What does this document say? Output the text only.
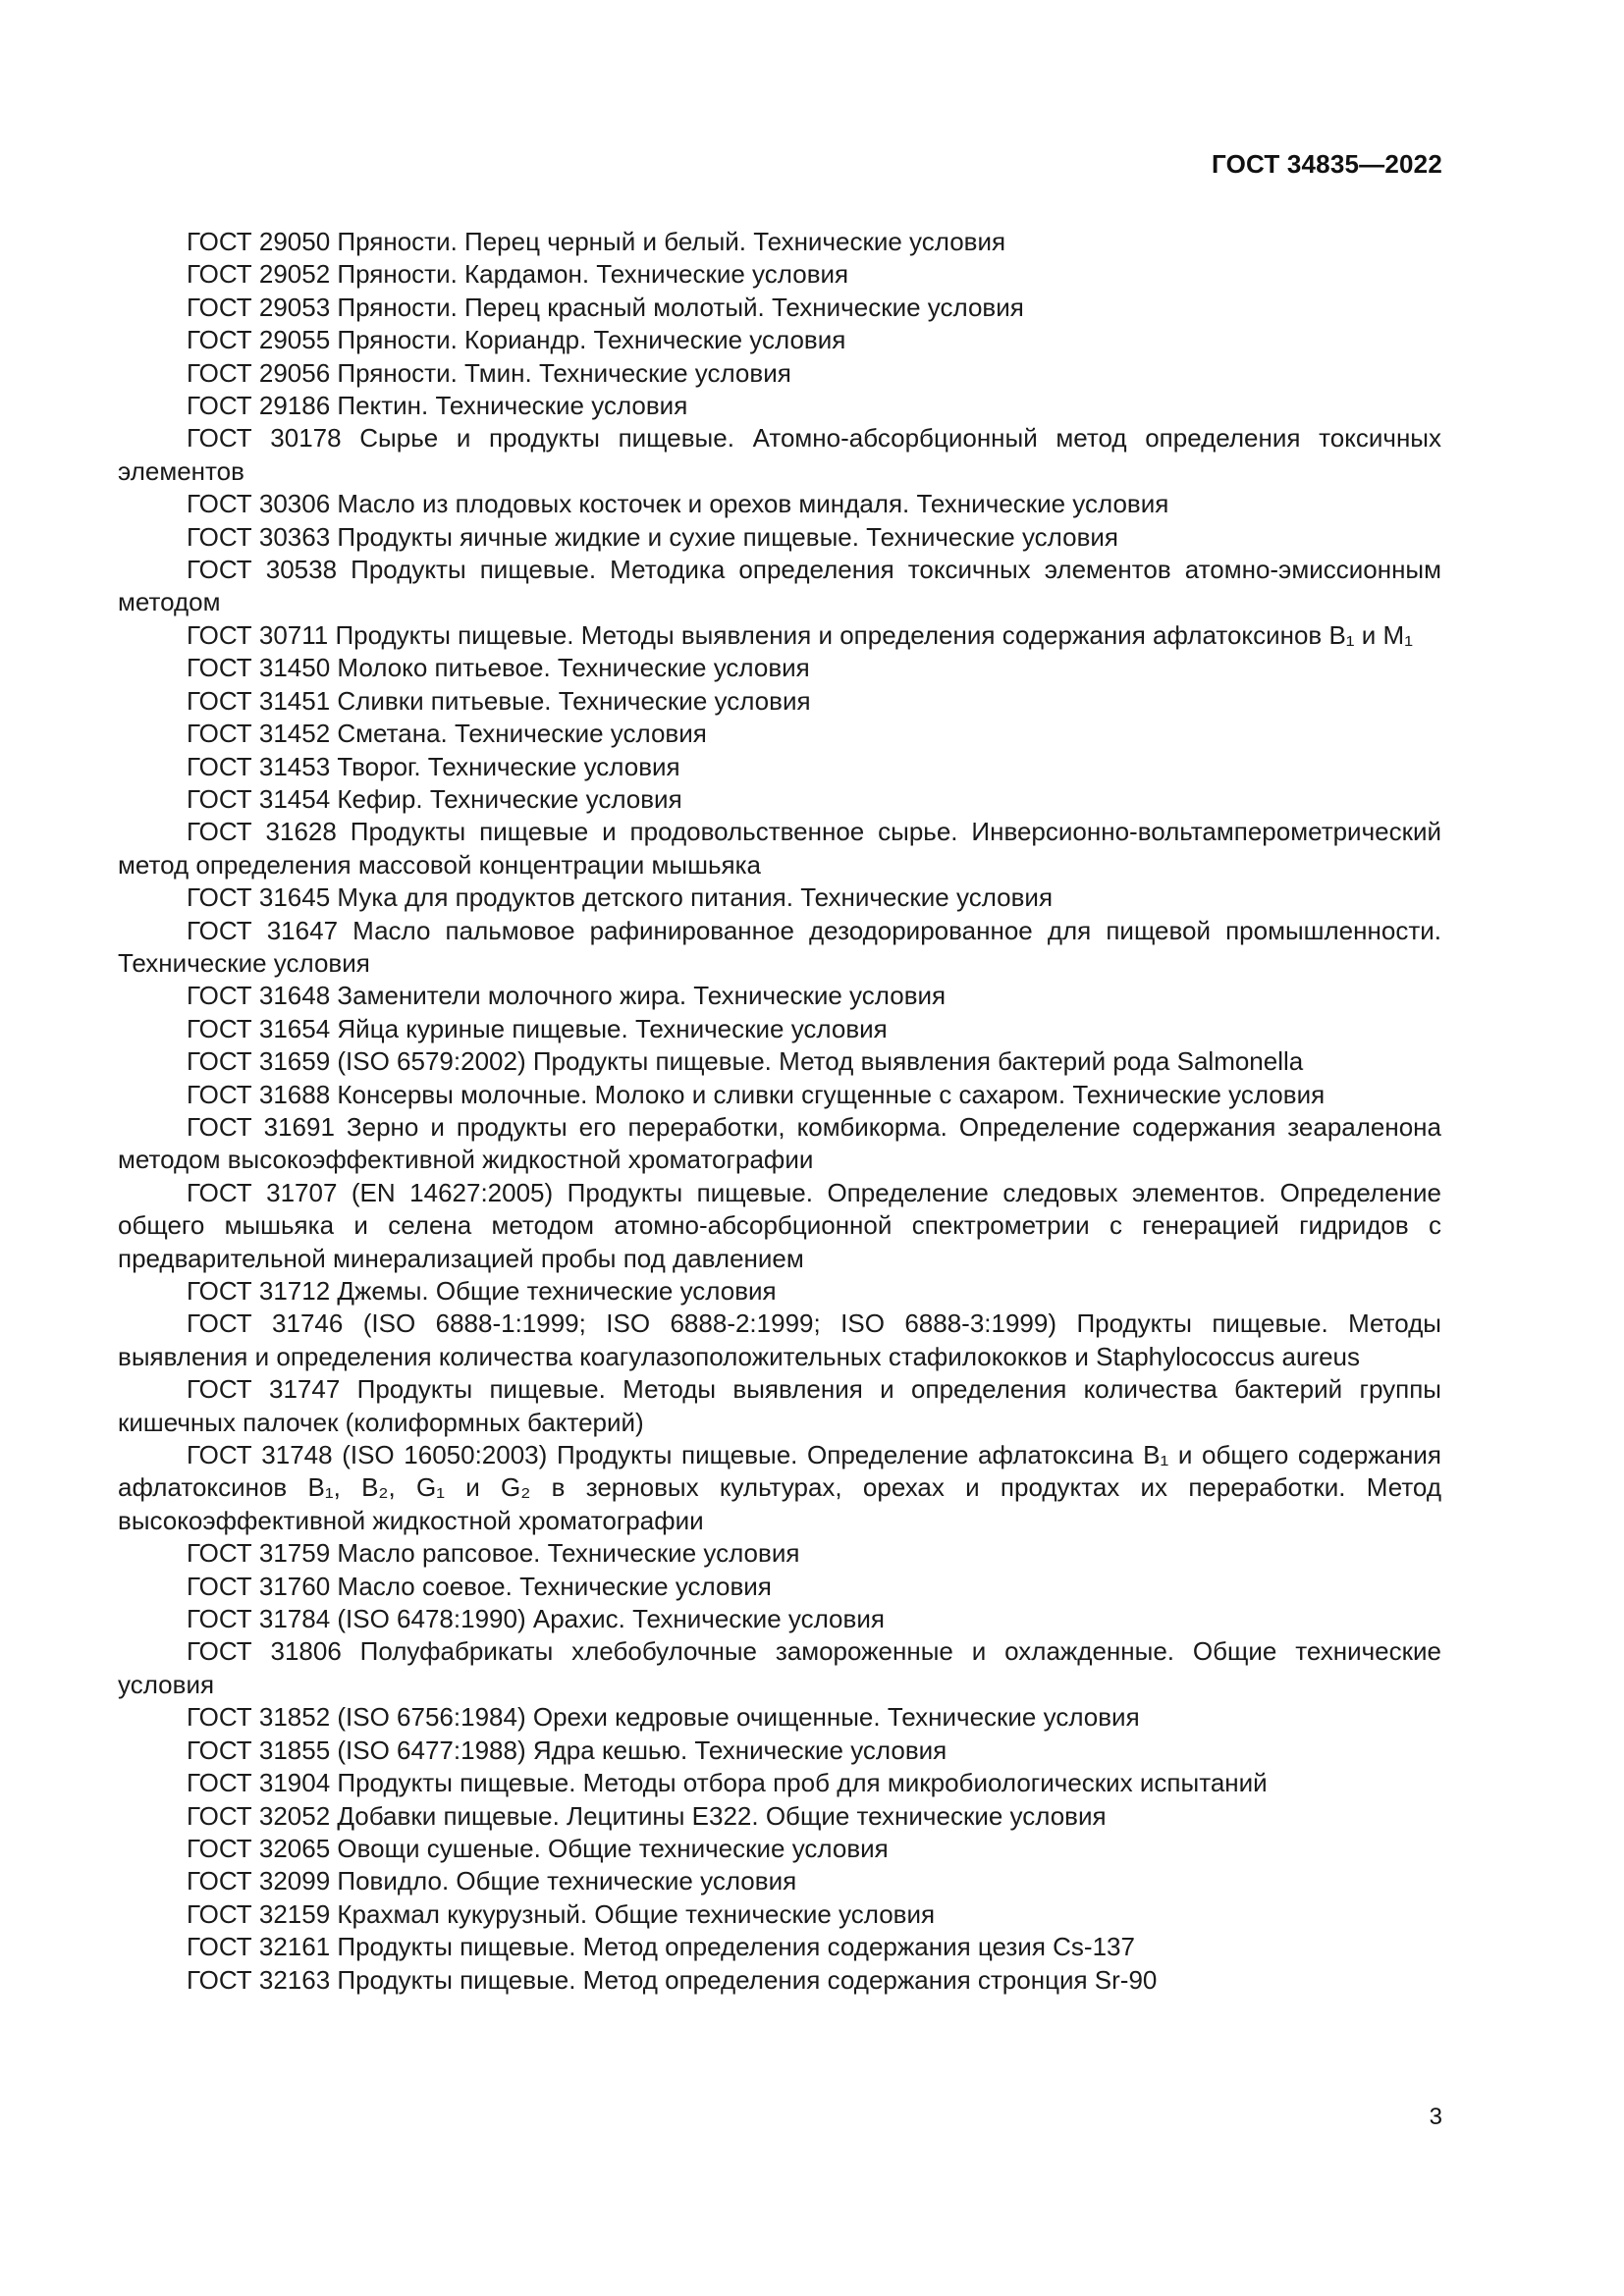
ГОСТ 34835—2022

ГОСТ 29050 Пряности. Перец черный и белый. Технические условия

ГОСТ 29052 Пряности. Кардамон. Технические условия

ГОСТ 29053 Пряности. Перец красный молотый. Технические условия

ГОСТ 29055 Пряности. Кориандр. Технические условия

ГОСТ 29056 Пряности. Тмин. Технические условия

ГОСТ 29186 Пектин. Технические условия

ГОСТ 30178 Сырье и продукты пищевые. Атомно-абсорбционный метод определения токсичных элементов

ГОСТ 30306 Масло из плодовых косточек и орехов миндаля. Технические условия

ГОСТ 30363 Продукты яичные жидкие и сухие пищевые. Технические условия

ГОСТ 30538 Продукты пищевые. Методика определения токсичных элементов атомно-эмиссионным методом

ГОСТ 30711 Продукты пищевые. Методы выявления и определения содержания афлатоксинов B₁ и M₁

ГОСТ 31450 Молоко питьевое. Технические условия

ГОСТ 31451 Сливки питьевые. Технические условия

ГОСТ 31452 Сметана. Технические условия

ГОСТ 31453 Творог. Технические условия

ГОСТ 31454 Кефир. Технические условия

ГОСТ 31628 Продукты пищевые и продовольственное сырье. Инверсионно-вольтамперометрический метод определения массовой концентрации мышьяка

ГОСТ 31645 Мука для продуктов детского питания. Технические условия

ГОСТ 31647 Масло пальмовое рафинированное дезодорированное для пищевой промышленности. Технические условия

ГОСТ 31648 Заменители молочного жира. Технические условия

ГОСТ 31654 Яйца куриные пищевые. Технические условия

ГОСТ 31659 (ISO 6579:2002) Продукты пищевые. Метод выявления бактерий рода Salmonella

ГОСТ 31688 Консервы молочные. Молоко и сливки сгущенные с сахаром. Технические условия

ГОСТ 31691 Зерно и продукты его переработки, комбикорма. Определение содержания зеараленона методом высокоэффективной жидкостной хроматографии

ГОСТ 31707 (EN 14627:2005) Продукты пищевые. Определение следовых элементов. Определение общего мышьяка и селена методом атомно-абсорбционной спектрометрии с генерацией гидридов с предварительной минерализацией пробы под давлением

ГОСТ 31712 Джемы. Общие технические условия

ГОСТ 31746 (ISO 6888-1:1999; ISO 6888-2:1999; ISO 6888-3:1999) Продукты пищевые. Методы выявления и определения количества коагулазоположительных стафилококков и Staphylococcus aureus

ГОСТ 31747 Продукты пищевые. Методы выявления и определения количества бактерий группы кишечных палочек (колиформных бактерий)

ГОСТ 31748 (ISO 16050:2003) Продукты пищевые. Определение афлатоксина B₁ и общего содержания афлатоксинов B₁, B₂, G₁ и G₂ в зерновых культурах, орехах и продуктах их переработки. Метод высокоэффективной жидкостной хроматографии

ГОСТ 31759 Масло рапсовое. Технические условия

ГОСТ 31760 Масло соевое. Технические условия

ГОСТ 31784 (ISO 6478:1990) Арахис. Технические условия

ГОСТ 31806 Полуфабрикаты хлебобулочные замороженные и охлажденные. Общие технические условия

ГОСТ 31852 (ISO 6756:1984) Орехи кедровые очищенные. Технические условия

ГОСТ 31855 (ISO 6477:1988) Ядра кешью. Технические условия

ГОСТ 31904 Продукты пищевые. Методы отбора проб для микробиологических испытаний

ГОСТ 32052 Добавки пищевые. Лецитины Е322. Общие технические условия

ГОСТ 32065 Овощи сушеные. Общие технические условия

ГОСТ 32099 Повидло. Общие технические условия

ГОСТ 32159 Крахмал кукурузный. Общие технические условия

ГОСТ 32161 Продукты пищевые. Метод определения содержания цезия Cs-137

ГОСТ 32163 Продукты пищевые. Метод определения содержания стронция Sr-90

3
